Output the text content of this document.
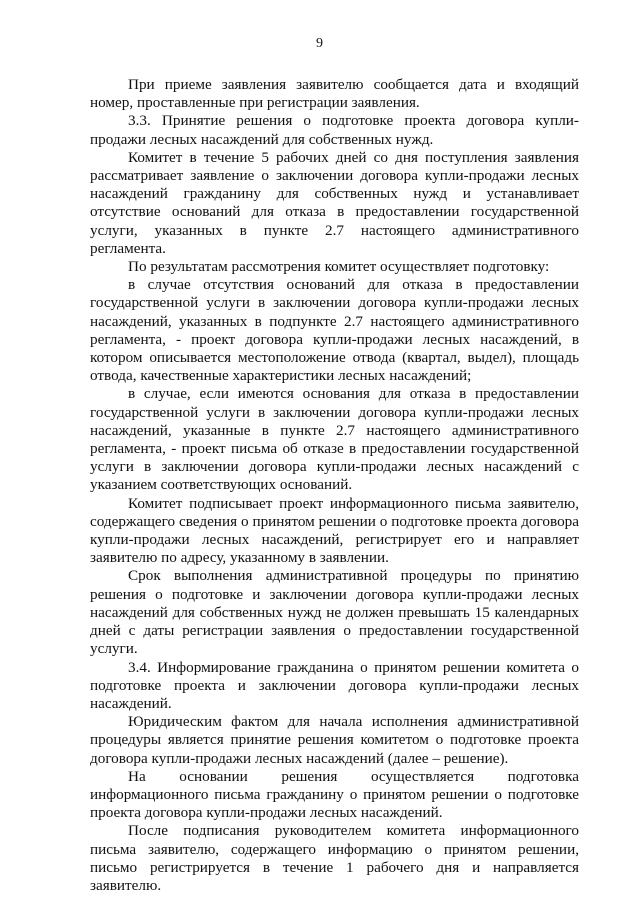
9

При приеме заявления заявителю сообщается дата и входящий номер, проставленные при регистрации заявления.

3.3. Принятие решения о подготовке проекта договора купли-продажи лесных насаждений для собственных нужд.

Комитет в течение 5 рабочих дней со дня поступления заявления рассматривает заявление о заключении договора купли-продажи лесных насаждений гражданину для собственных нужд и устанавливает отсутствие оснований для отказа в предоставлении государственной услуги, указанных в пункте 2.7 настоящего административного регламента.

По результатам рассмотрения комитет осуществляет подготовку:

в случае отсутствия оснований для отказа в предоставлении государственной услуги в заключении договора купли-продажи лесных насаждений, указанных в подпункте 2.7 настоящего административного регламента, - проект договора купли-продажи лесных насаждений, в котором описывается местоположение отвода (квартал, выдел), площадь отвода, качественные характеристики лесных насаждений;

в случае, если имеются основания для отказа в предоставлении государственной услуги в заключении договора купли-продажи лесных насаждений, указанные в пункте 2.7 настоящего административного регламента, - проект письма об отказе в предоставлении государственной услуги в заключении договора купли-продажи лесных насаждений с указанием соответствующих оснований.

Комитет подписывает проект информационного письма заявителю, содержащего сведения о принятом решении о подготовке проекта договора купли-продажи лесных насаждений, регистрирует его и направляет заявителю по адресу, указанному в заявлении.

Срок выполнения административной процедуры по принятию решения о подготовке и заключении договора купли-продажи лесных насаждений для собственных нужд не должен превышать 15 календарных дней с даты регистрации заявления о предоставлении государственной услуги.

3.4. Информирование гражданина о принятом решении комитета о подготовке проекта и заключении договора купли-продажи лесных насаждений.

Юридическим фактом для начала исполнения административной процедуры является принятие решения комитетом о подготовке проекта договора купли-продажи лесных насаждений (далее – решение).

На основании решения осуществляется подготовка информационного письма гражданину о принятом решении о подготовке проекта договора купли-продажи лесных насаждений.

После подписания руководителем комитета информационного письма заявителю, содержащего информацию о принятом решении, письмо регистрируется в течение 1 рабочего дня и направляется заявителю.
